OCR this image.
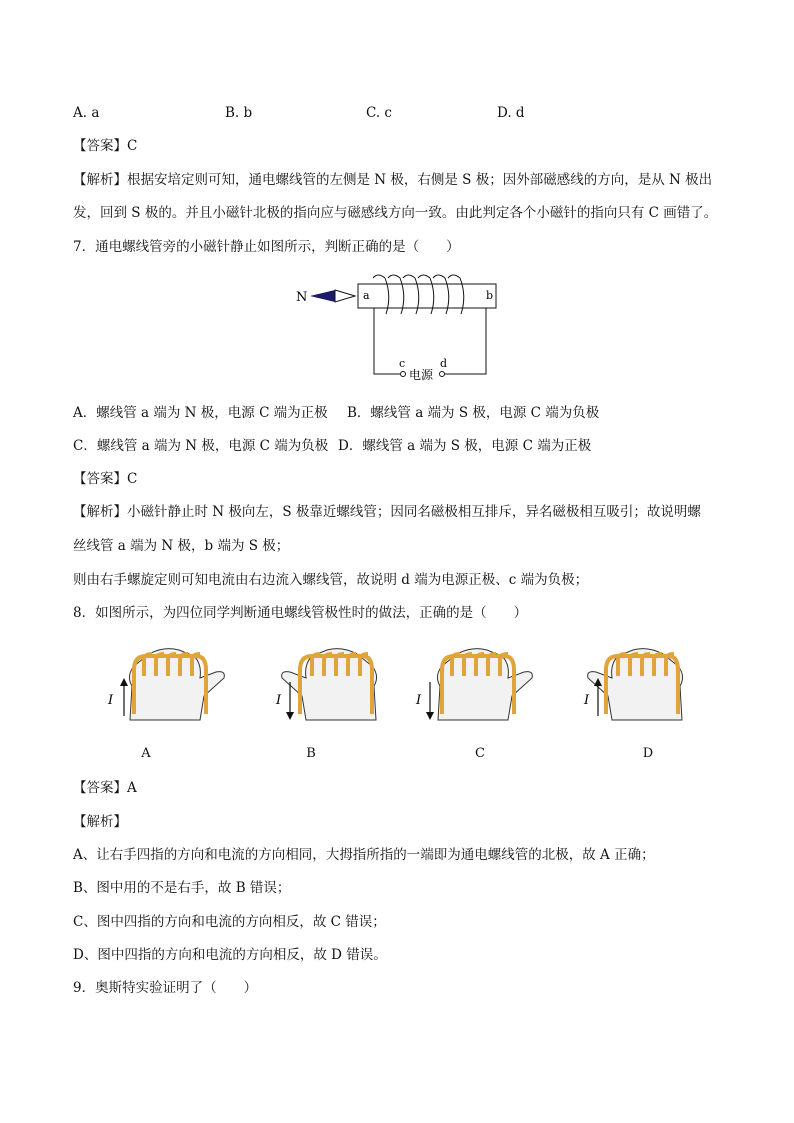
A. a	B. b	C. c	D. d
【答案】C
【解析】根据安培定则可知，通电螺线管的左侧是 N 极，右侧是 S 极；因外部磁感线的方向，是从 N 极出
发，回到 S 极的。并且小磁针北极的指向应与磁感线方向一致。由此判定各个小磁针的指向只有 C 画错了。
7．通电螺线管旁的小磁针静止如图所示，判断正确的是（　　）
N	a	b
c	d
电源
A．螺线管 a 端为 N 极，电源 C 端为正极 B．螺线管 a 端为 S 极，电源 C 端为负极
C．螺线管 a 端为 N 极，电源 C 端为负极 D．螺线管 a 端为 S 极，电源 C 端为正极
【答案】C
【解析】小磁针静止时 N 极向左，S 极靠近螺线管；因同名磁极相互排斥，异名磁极相互吸引；故说明螺
丝线管 a 端为 N 极，b 端为 S 极；
则由右手螺旋定则可知电流由右边流入螺线管，故说明 d 端为电源正极、c 端为负极；
8．如图所示，为四位同学判断通电螺线管极性时的做法，正确的是（　　）
I	I	I	I
A	B	C	D
【答案】A
【解析】
A、让右手四指的方向和电流的方向相同，大拇指所指的一端即为通电螺线管的北极，故 A 正确；
B、图中用的不是右手，故 B 错误；
C、图中四指的方向和电流的方向相反，故 C 错误；
D、图中四指的方向和电流的方向相反，故 D 错误。
9．奥斯特实验证明了（　　）
